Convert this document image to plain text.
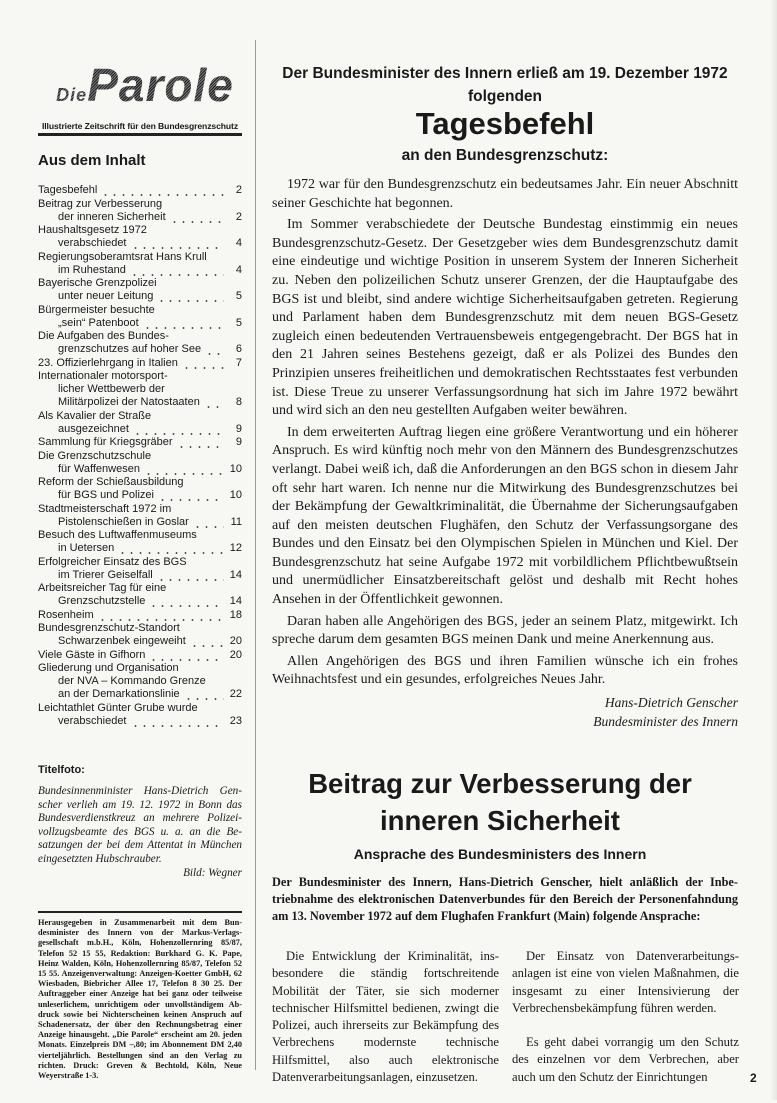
DieParole
Illustrierte Zeitschrift für den Bundesgrenzschutz
Aus dem Inhalt
Tagesbefehl	2
Beitrag zur Verbesserung
der inneren Sicherheit	2
Haushaltsgesetz 1972
verabschiedet	4
Regierungsoberamtsrat Hans Krull
im Ruhestand	4
Bayerische Grenzpolizei
unter neuer Leitung	5
Bürgermeister besuchte
„sein“ Patenboot	5
Die Aufgaben des Bundes-
grenzschutzes auf hoher See	6
23. Offizierlehrgang in Italien	7
Internationaler motorsport-
licher Wettbewerb der
Militärpolizei der Natostaaten	8
Als Kavalier der Straße
ausgezeichnet	9
Sammlung für Kriegsgräber	9
Die Grenzschutzschule
für Waffenwesen	10
Reform der Schießausbildung
für BGS und Polizei	10
Stadtmeisterschaft 1972 im
Pistolenschießen in Goslar	11
Besuch des Luftwaffenmuseums
in Uetersen	12
Erfolgreicher Einsatz des BGS
im Trierer Geiselfall	14
Arbeitsreicher Tag für eine
Grenzschutzstelle	14
Rosenheim	18
Bundesgrenzschutz-Standort
Schwarzenbek eingeweiht	20
Viele Gäste in Gifhorn	20
Gliederung und Organisation
der NVA – Kommando Grenze
an der Demarkationslinie	22
Leichtathlet Günter Grube wurde
verabschiedet	23
Titelfoto:
Bundesinnenminister Hans-Dietrich Genscher verlieh am 19. 12. 1972 in Bonn das Bundesverdienstkreuz an mehrere Polizeivollzugsbeamte des BGS u. a. an die Besatzungen der bei dem Attentat in München eingesetzten Hubschrauber.
Bild: Wegner
Herausgegeben in Zusammenarbeit mit dem Bundesminister des Innern von der Markus-Verlagsgesellschaft m.b.H., Köln, Hohenzollernring 85/87, Telefon 52 15 55, Redaktion: Burkhard G. K. Pape, Heinz Walden, Köln, Hohenzollernring 85/87, Telefon 52 15 55. Anzeigenverwaltung: Anzeigen-Koetter GmbH, 62 Wiesbaden, Biebricher Allee 17, Telefon 8 30 25. Der Auftraggeber einer Anzeige hat bei ganz oder teilweise unleserlichem, unrichtigem oder unvollständigem Abdruck sowie bei Nichterscheinen keinen Anspruch auf Schadenersatz, der über den Rechnungsbetrag einer Anzeige hinausgeht. „Die Parole“ erscheint am 20. jeden Monats. Einzelpreis DM –,80; im Abonnement DM 2,40 vierteljährlich. Bestellungen sind an den Verlag zu richten. Druck: Greven & Bechtold, Köln, Neue Weyerstraße 1-3.
Der Bundesminister des Innern erließ am 19. Dezember 1972
folgenden
Tagesbefehl
an den Bundesgrenzschutz:

1972 war für den Bundesgrenzschutz ein bedeutsames Jahr. Ein neuer Abschnitt seiner Geschichte hat begonnen.

Im Sommer verabschiedete der Deutsche Bundestag einstimmig ein neues Bundesgrenzschutz-Gesetz. Der Gesetzgeber wies dem Bundesgrenzschutz damit eine eindeutige und wichtige Position in unserem System der Inneren Sicherheit zu. Neben den polizeilichen Schutz unserer Grenzen, der die Hauptaufgabe des BGS ist und bleibt, sind andere wichtige Sicherheitsaufgaben getreten. Regierung und Parlament haben dem Bundesgrenzschutz mit dem neuen BGS-Gesetz zugleich einen bedeutenden Vertrauensbeweis entgegengebracht. Der BGS hat in den 21 Jahren seines Bestehens gezeigt, daß er als Polizei des Bundes den Prinzipien unseres freiheitlichen und demokratischen Rechtsstaates fest verbunden ist. Diese Treue zu unserer Verfassungsordnung hat sich im Jahre 1972 bewährt und wird sich an den neu gestellten Aufgaben weiter bewähren.

In dem erweiterten Auftrag liegen eine größere Verantwortung und ein höherer Anspruch. Es wird künftig noch mehr von den Männern des Bundesgrenzschutzes verlangt. Dabei weiß ich, daß die Anforderungen an den BGS schon in diesem Jahr oft sehr hart waren. Ich nenne nur die Mitwirkung des Bundesgrenzschutzes bei der Bekämpfung der Gewaltkriminalität, die Übernahme der Sicherungsaufgaben auf den meisten deutschen Flughäfen, den Schutz der Verfassungsorgane des Bundes und den Einsatz bei den Olympischen Spielen in München und Kiel. Der Bundesgrenzschutz hat seine Aufgabe 1972 mit vorbildlichem Pflichtbewußtsein und unermüdlicher Einsatzbereitschaft gelöst und deshalb mit Recht hohes Ansehen in der Öffentlichkeit gewonnen.

Daran haben alle Angehörigen des BGS, jeder an seinem Platz, mitgewirkt. Ich spreche darum dem gesamten BGS meinen Dank und meine Anerkennung aus.

Allen Angehörigen des BGS und ihren Familien wünsche ich ein frohes Weihnachtsfest und ein gesundes, erfolgreiches Neues Jahr.

Hans-Dietrich Genscher
Bundesminister des Innern
Beitrag zur Verbesserung der
inneren Sicherheit
Ansprache des Bundesministers des Innern
Der Bundesminister des Innern, Hans-Dietrich Genscher, hielt anläßlich der Inbetriebnahme des elektronischen Datenverbundes für den Bereich der Personenfahndung am 13. November 1972 auf dem Flughafen Frankfurt (Main) folgende Ansprache:

Die Entwicklung der Kriminalität, insbesondere die ständig fortschreitende Mobilität der Täter, sie sich moderner technischer Hilfsmittel bedienen, zwingt die Polizei, auch ihrerseits zur Bekämpfung des Verbrechens modernste technische Hilfsmittel, also auch elektronische Datenverarbeitungsanlagen, einzusetzen.

Der Einsatz von Datenverarbeitungsanlagen ist eine von vielen Maßnahmen, die insgesamt zu einer Intensivierung der Verbrechensbekämpfung führen werden.

Es geht dabei vorrangig um den Schutz des einzelnen vor dem Verbrechen, aber auch um den Schutz der Einrichtungen	2
